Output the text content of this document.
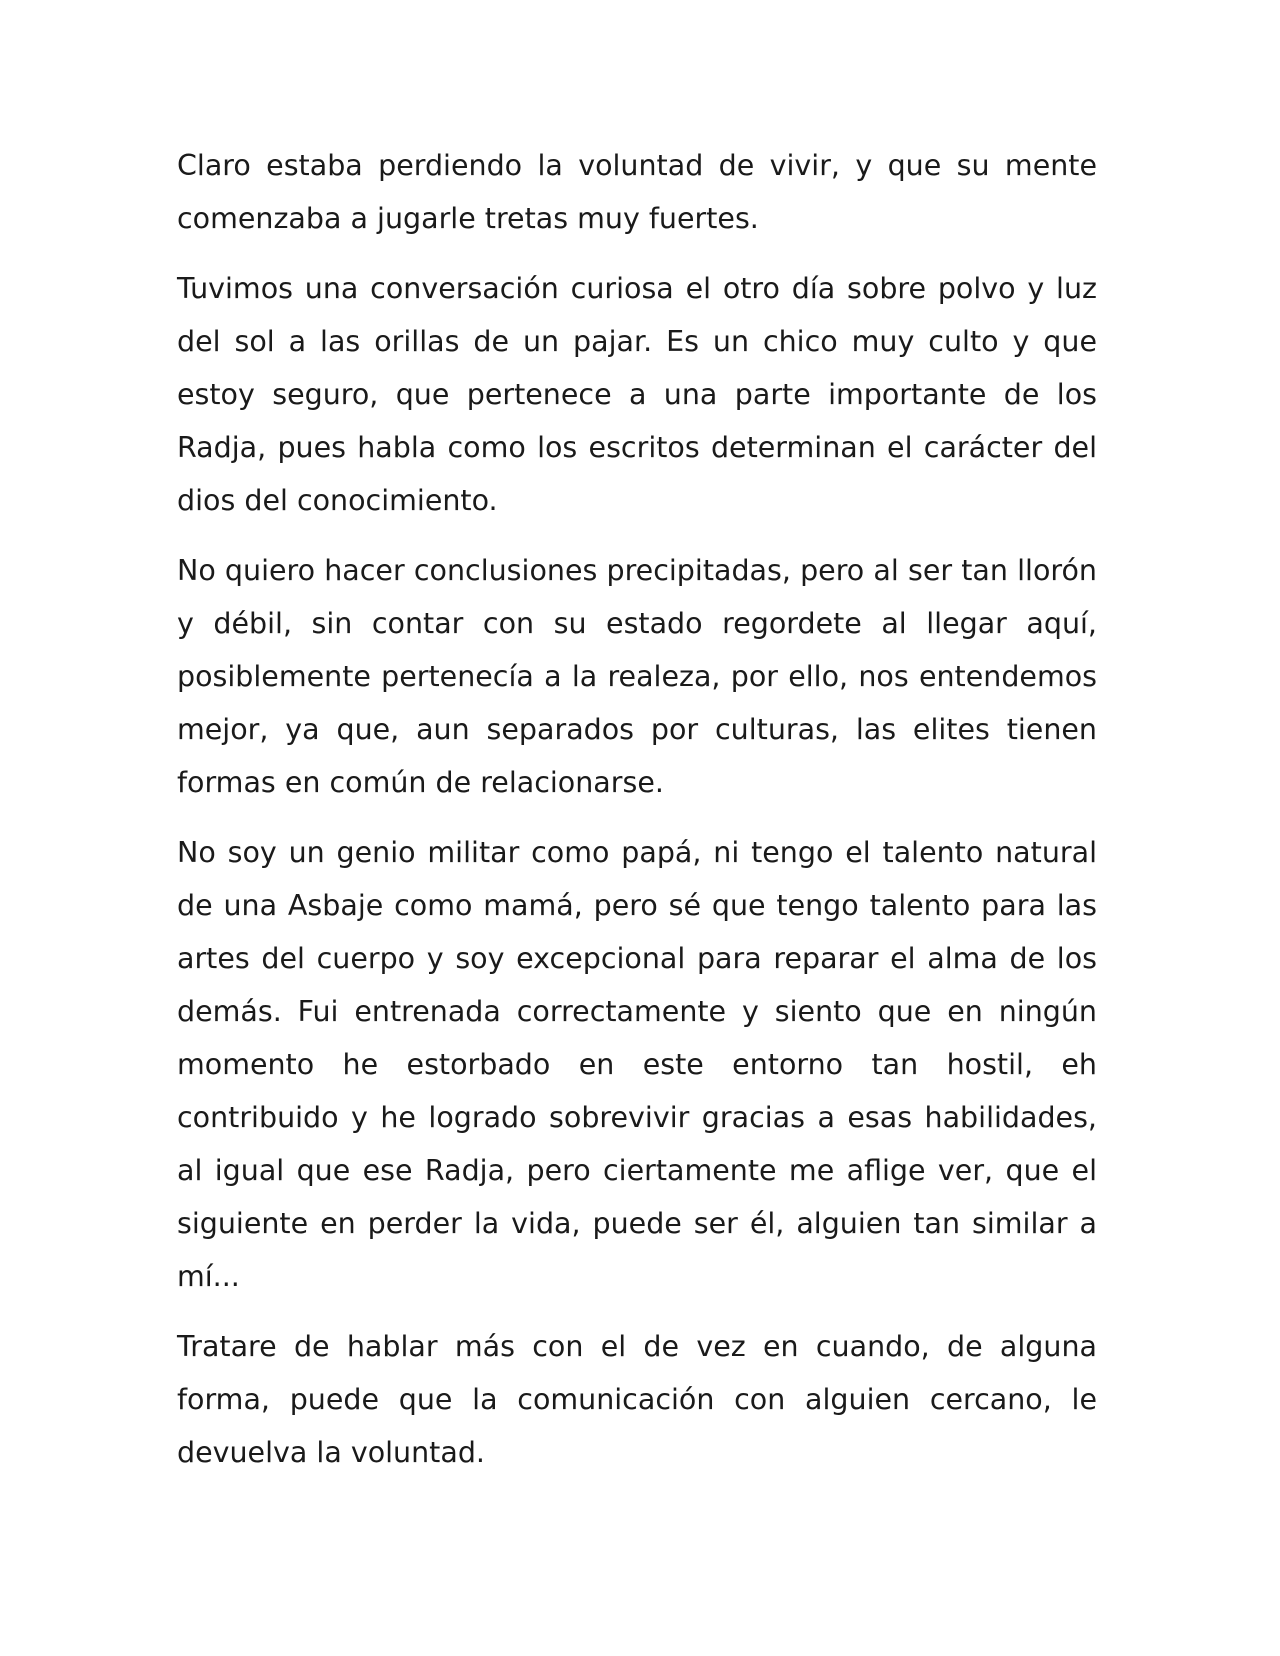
Claro estaba perdiendo la voluntad de vivir, y que su mente comenzaba a jugarle tretas muy fuertes.

Tuvimos una conversación curiosa el otro día sobre polvo y luz del sol a las orillas de un pajar. Es un chico muy culto y que estoy seguro, que pertenece a una parte importante de los Radja, pues habla como los escritos determinan el carácter del dios del conocimiento.

No quiero hacer conclusiones precipitadas, pero al ser tan llorón y débil, sin contar con su estado regordete al llegar aquí, posiblemente pertenecía a la realeza, por ello, nos entendemos mejor, ya que, aun separados por culturas, las elites tienen formas en común de relacionarse.

No soy un genio militar como papá, ni tengo el talento natural de una Asbaje como mamá, pero sé que tengo talento para las artes del cuerpo y soy excepcional para reparar el alma de los demás. Fui entrenada correctamente y siento que en ningún momento he estorbado en este entorno tan hostil, eh contribuido y he logrado sobrevivir gracias a esas habilidades, al igual que ese Radja, pero ciertamente me aflige ver, que el siguiente en perder la vida, puede ser él, alguien tan similar a mí...

Tratare de hablar más con el de vez en cuando, de alguna forma, puede que la comunicación con alguien cercano, le devuelva la voluntad.
